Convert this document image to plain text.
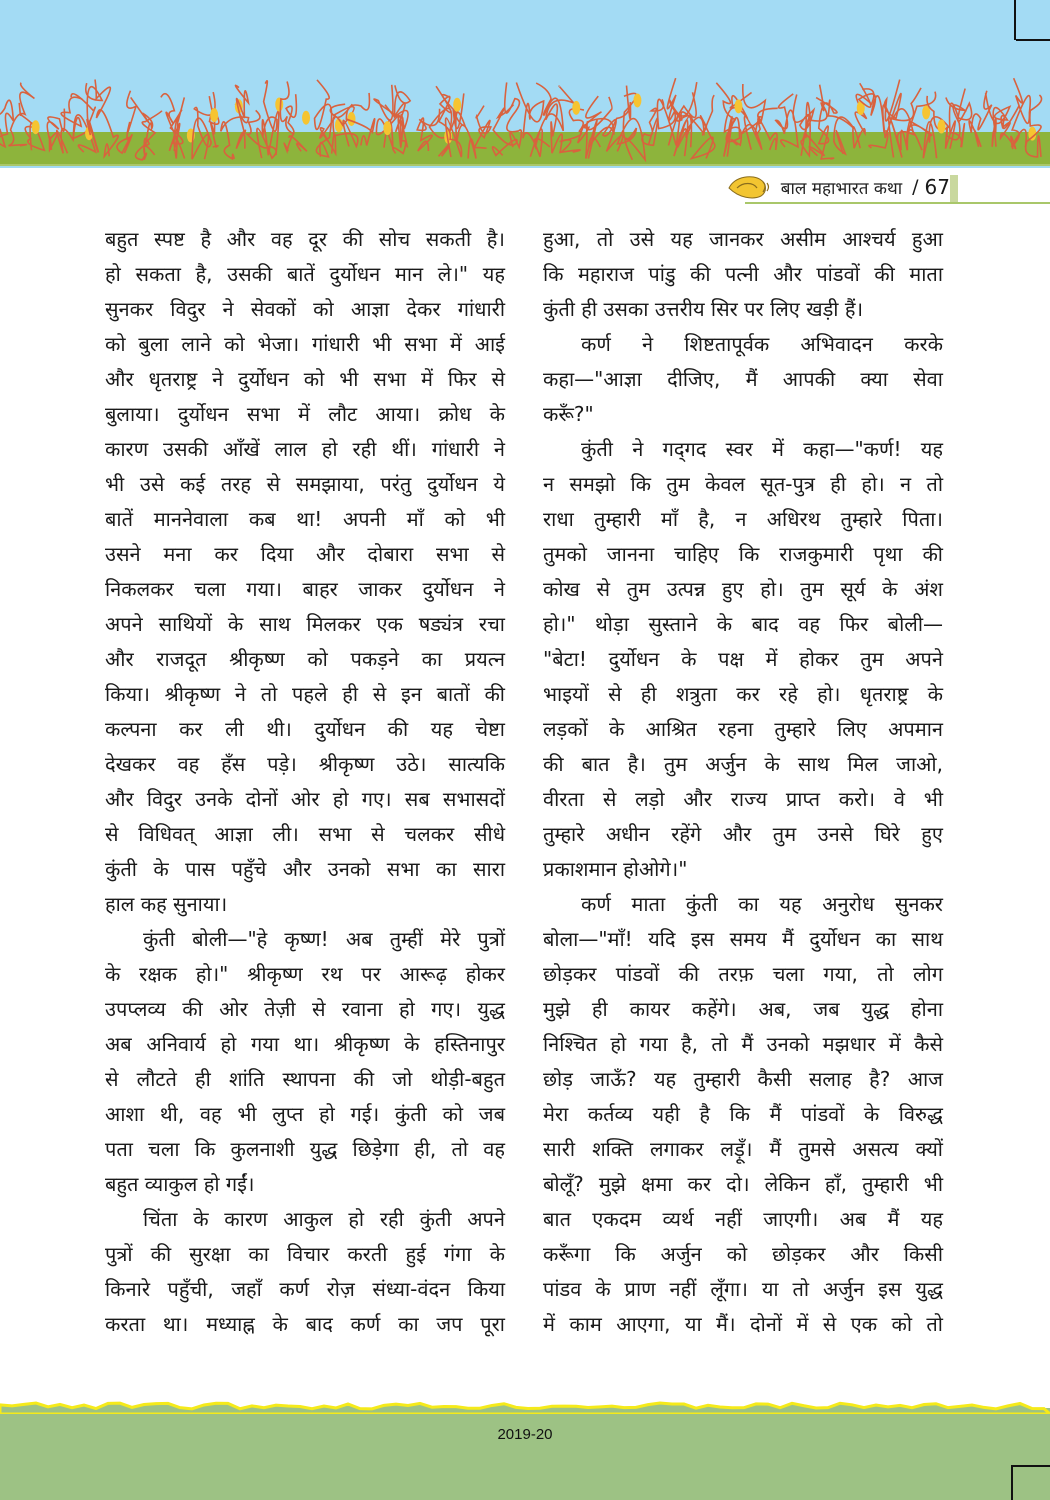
बाल महाभारत कथा / 67
बहुत स्पष्ट है और वह दूर की सोच सकती है।
हो सकता है, उसकी बातें दुर्योधन मान ले।" यह
सुनकर विदुर ने सेवकों को आज्ञा देकर गांधारी
को बुला लाने को भेजा। गांधारी भी सभा में आई
और धृतराष्ट्र ने दुर्योधन को भी सभा में फिर से
बुलाया। दुर्योधन सभा में लौट आया। क्रोध के
कारण उसकी आँखें लाल हो रही थीं। गांधारी ने
भी उसे कई तरह से समझाया, परंतु दुर्योधन ये
बातें माननेवाला कब था! अपनी माँ को भी
उसने मना कर दिया और दोबारा सभा से
निकलकर चला गया। बाहर जाकर दुर्योधन ने
अपने साथियों के साथ मिलकर एक षड्यंत्र रचा
और राजदूत श्रीकृष्ण को पकड़ने का प्रयत्न
किया। श्रीकृष्ण ने तो पहले ही से इन बातों की
कल्पना कर ली थी। दुर्योधन की यह चेष्टा
देखकर वह हँस पड़े। श्रीकृष्ण उठे। सात्यकि
और विदुर उनके दोनों ओर हो गए। सब सभासदों
से विधिवत् आज्ञा ली। सभा से चलकर सीधे
कुंती के पास पहुँचे और उनको सभा का सारा
हाल कह सुनाया।
कुंती बोली—"हे कृष्ण! अब तुम्हीं मेरे पुत्रों
के रक्षक हो।" श्रीकृष्ण रथ पर आरूढ़ होकर
उपप्लव्य की ओर तेज़ी से रवाना हो गए। युद्ध
अब अनिवार्य हो गया था। श्रीकृष्ण के हस्तिनापुर
से लौटते ही शांति स्थापना की जो थोड़ी-बहुत
आशा थी, वह भी लुप्त हो गई। कुंती को जब
पता चला कि कुलनाशी युद्ध छिड़ेगा ही, तो वह
बहुत व्याकुल हो गईं।
चिंता के कारण आकुल हो रही कुंती अपने
पुत्रों की सुरक्षा का विचार करती हुई गंगा के
किनारे पहुँची, जहाँ कर्ण रोज़ संध्या-वंदन किया
करता था। मध्याह्न के बाद कर्ण का जप पूरा
हुआ, तो उसे यह जानकर असीम आश्चर्य हुआ
कि महाराज पांडु की पत्नी और पांडवों की माता
कुंती ही उसका उत्तरीय सिर पर लिए खड़ी हैं।
कर्ण ने शिष्टतापूर्वक अभिवादन करके
कहा—"आज्ञा दीजिए, मैं आपकी क्या सेवा
करूँ?"
कुंती ने गद्‌गद स्वर में कहा—"कर्ण! यह
न समझो कि तुम केवल सूत-पुत्र ही हो। न तो
राधा तुम्हारी माँ है, न अधिरथ तुम्हारे पिता।
तुमको जानना चाहिए कि राजकुमारी पृथा की
कोख से तुम उत्पन्न हुए हो। तुम सूर्य के अंश
हो।" थोड़ा सुस्ताने के बाद वह फिर बोली—
"बेटा! दुर्योधन के पक्ष में होकर तुम अपने
भाइयों से ही शत्रुता कर रहे हो। धृतराष्ट्र के
लड़कों के आश्रित रहना तुम्हारे लिए अपमान
की बात है। तुम अर्जुन के साथ मिल जाओ,
वीरता से लड़ो और राज्य प्राप्त करो। वे भी
तुम्हारे अधीन रहेंगे और तुम उनसे घिरे हुए
प्रकाशमान होओगे।"
कर्ण माता कुंती का यह अनुरोध सुनकर
बोला—"माँ! यदि इस समय मैं दुर्योधन का साथ
छोड़कर पांडवों की तरफ़ चला गया, तो लोग
मुझे ही कायर कहेंगे। अब, जब युद्ध होना
निश्चित हो गया है, तो मैं उनको मझधार में कैसे
छोड़ जाऊँ? यह तुम्हारी कैसी सलाह है? आज
मेरा कर्तव्य यही है कि मैं पांडवों के विरुद्ध
सारी शक्ति लगाकर लड़ूँ। मैं तुमसे असत्य क्यों
बोलूँ? मुझे क्षमा कर दो। लेकिन हाँ, तुम्हारी भी
बात एकदम व्यर्थ नहीं जाएगी। अब मैं यह
करूँगा कि अर्जुन को छोड़कर और किसी
पांडव के प्राण नहीं लूँगा। या तो अर्जुन इस युद्ध
में काम आएगा, या मैं। दोनों में से एक को तो
2019-20
